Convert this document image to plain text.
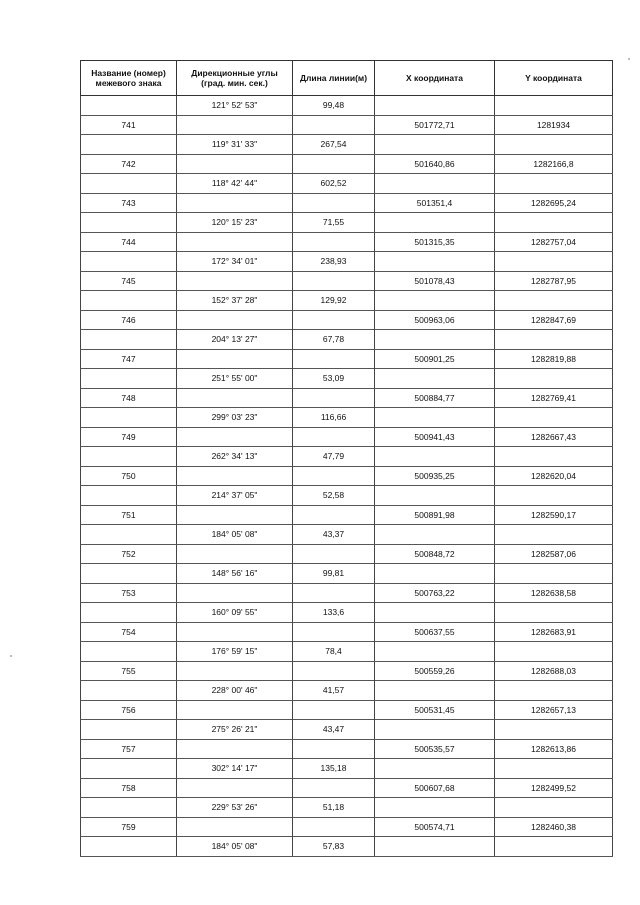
Название (номер) межевого знака	Дирекционные углы (град. мин. сек.)	Длина линии(м)	X координата	Y координата
	121° 52' 53"	99,48		
741			501772,71	1281934
	119° 31' 33"	267,54		
742			501640,86	1282166,8
	118° 42' 44"	602,52		
743			501351,4	1282695,24
	120° 15' 23"	71,55		
744			501315,35	1282757,04
	172° 34' 01"	238,93		
745			501078,43	1282787,95
	152° 37' 28"	129,92		
746			500963,06	1282847,69
	204° 13' 27"	67,78		
747			500901,25	1282819,88
	251° 55' 00"	53,09		
748			500884,77	1282769,41
	299° 03' 23"	116,66		
749			500941,43	1282667,43
	262° 34' 13"	47,79		
750			500935,25	1282620,04
	214° 37' 05"	52,58		
751			500891,98	1282590,17
	184° 05' 08"	43,37		
752			500848,72	1282587,06
	148° 56' 16"	99,81		
753			500763,22	1282638,58
	160° 09' 55"	133,6		
754			500637,55	1282683,91
	176° 59' 15"	78,4		
755			500559,26	1282688,03
	228° 00' 46"	41,57		
756			500531,45	1282657,13
	275° 26' 21"	43,47		
757			500535,57	1282613,86
	302° 14' 17"	135,18		
758			500607,68	1282499,52
	229° 53' 26"	51,18		
759			500574,71	1282460,38
	184° 05' 08"	57,83		
